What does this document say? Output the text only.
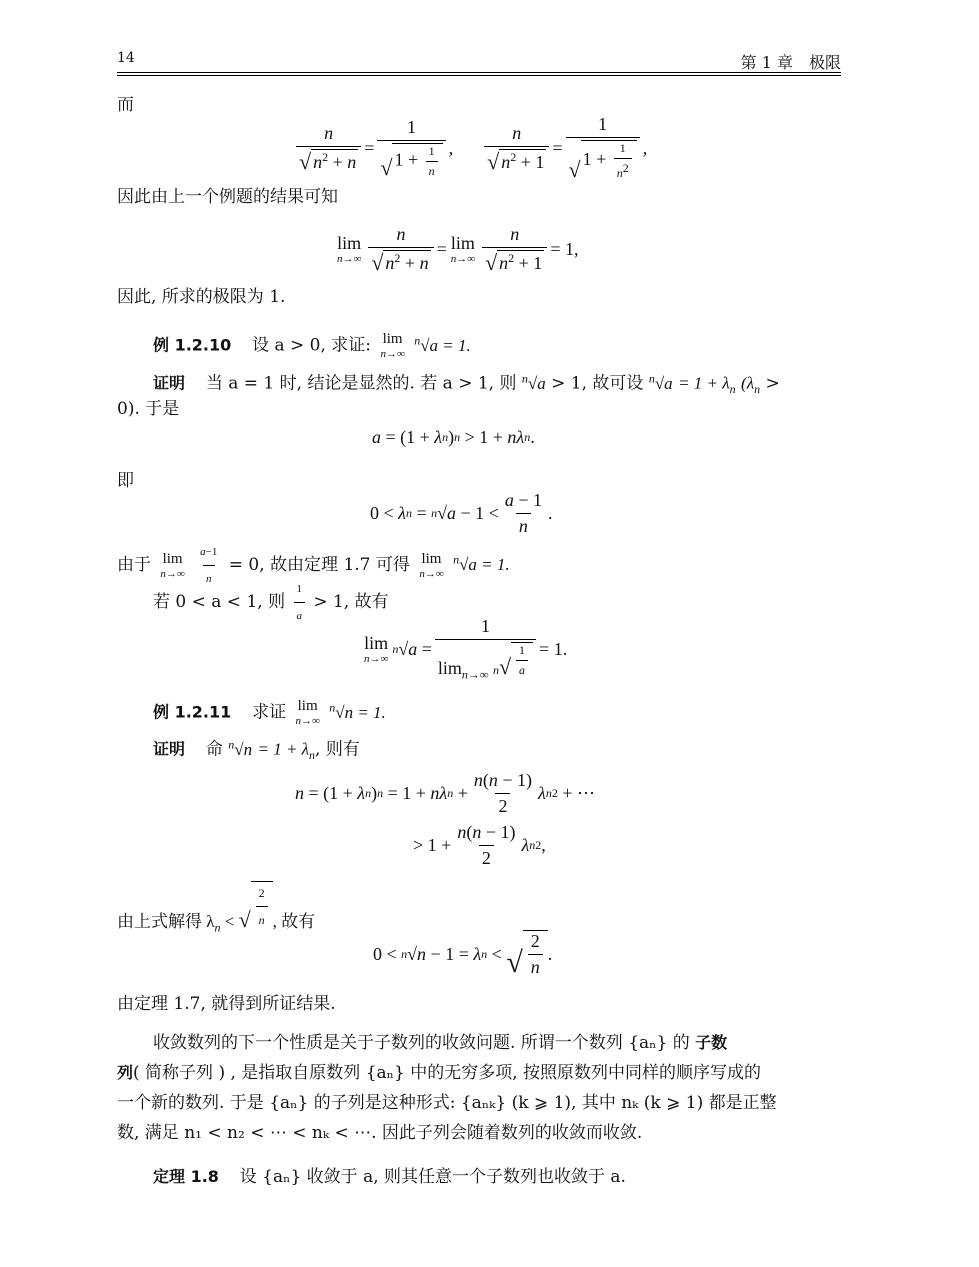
14	第 1 章　极限
而
$\frac{n}{√ n^2 + n} = \frac{1}{√ 1 + \frac{1}{n}}$ , $\frac{n}{√ n^2 + 1} = \frac{1}{√ 1 + \frac{1}{n^2}}$ ,
因此由上一个例题的结果可知
lim
$n\to\infty \frac{n}{√ n^2 + n} = \lim$
$n\to\infty \frac{n}{√ n^2 + 1} = 1$,
因此, 所求的极限为 1.
例 1.2.10 设 a > 0, 求证: lim
n→∞
$^n$√a = 1.
证明 当 a = 1 时, 结论是显然的. 若 a > 1, 则 $^n$√a > 1, 故可设 $^n√a = 1 + \lambda_n$ ($\lambda_n$ >
0). 于是
a = (1 + λ n ) n > 1 + nλ n .
即
0 < λ n = n $√a - 1 < \frac{a - 1}{n}$ .
由于 lim
n→∞
$\frac{a-1}{n} = 0$, 故由定理 1.7 可得 lim
n→∞
$^n$√a = 1.
若 0 < a < 1, 则 $\frac{1}{a} > 1$, 故有
lim
n→∞
n $√a = \frac{1}{\lim_{n\to\infty} n √ \frac{1}{a}} = 1$.
例 1.2.11 求证 lim
n→∞
$^n$√n = 1.
证明 命 $^n√n = 1 + \lambda_n$, 则有
n = (1 + λ n ) n = 1 + nλ $n + \frac{n(n - 1)}{2}$ λ n 2 + ⋯
> $1 + \frac{n(n - 1)}{2}$ λ n 2 ,
由上式解得 $\lambda_n$ < √ $\frac{2}{n}$ , 故有
0 < n √n − 1 = λ n < √ $\frac{2}{n}$ .
由定理 1.7, 就得到所证结果.
收敛数列的下一个性质是关于子数列的收敛问题. 所谓一个数列 {aₙ} 的 子数
列( 简称子列 ) , 是指取自原数列 {aₙ} 中的无穷多项, 按照原数列中同样的顺序写成的
一个新的数列. 于是 {aₙ} 的子列是这种形式: {aₙₖ} (k ⩾ 1), 其中 nₖ (k ⩾ 1) 都是正整
数, 满足 n₁ < n₂ < ⋯ < nₖ < ⋯. 因此子列会随着数列的收敛而收敛.
定理 1.8 设 {aₙ} 收敛于 a, 则其任意一个子数列也收敛于 a.
